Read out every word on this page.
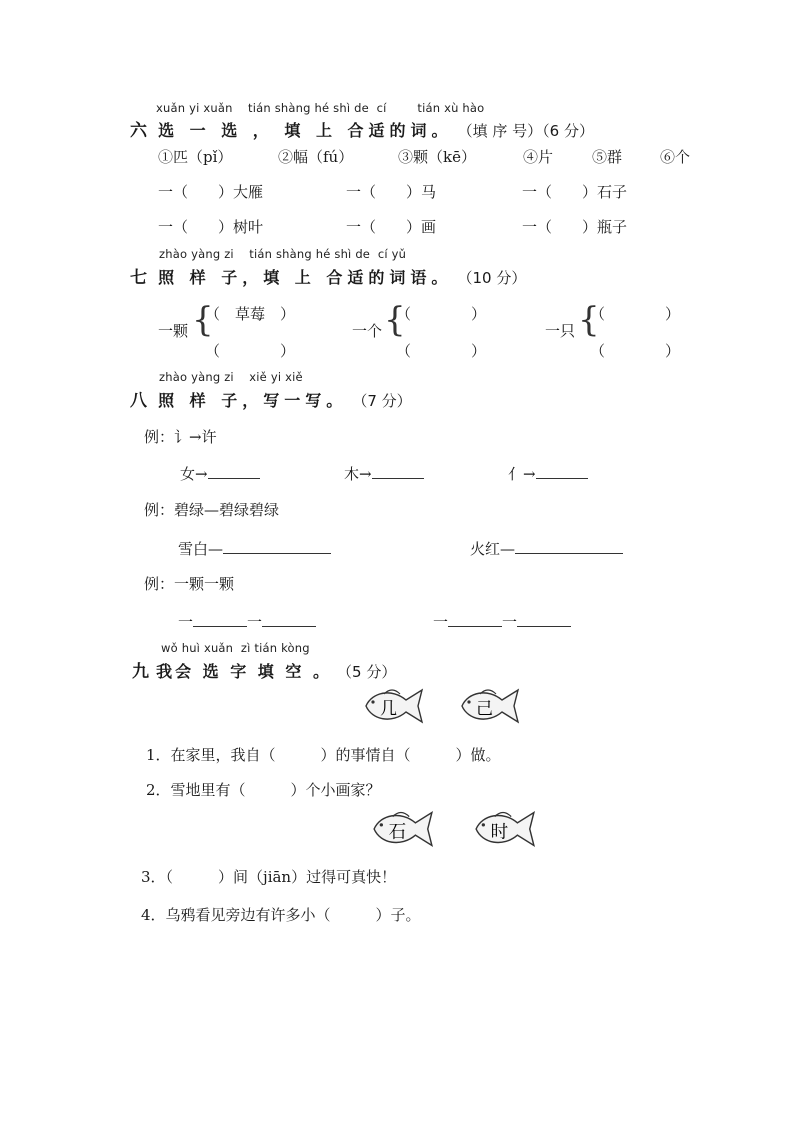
xuǎn yi xuǎn tián shàng hé shì de cí	tián xù hào
六 选 一 选 ， 填 上 合适的词。 （填 序 号）（6 分）
①匹（pǐ）	②幅（fú）	③颗（kē）	④片	⑤群	⑥个
一（　　）大雁	一（　　）马	一（　　）石子
一（　　）树叶	一（　　）画	一（　　）瓶子
zhào yàng zi tián shàng hé shì de cí yǔ
七 照 样 子，填 上 合适的词语。 （10 分）
一颗 {
（　草莓　）
（　　　　）
一个 {
（　　　　）
（　　　　）
一只 {
（　　　　）
（　　　　）
zhào yàng zi xiě yi xiě
八 照 样 子，写一写。 （7 分）
例：讠→许
女→	木→	亻→
例：碧绿—碧绿碧绿
雪白—	火红—
例：一颗一颗
一	一	一	一
wǒ huì xuǎn zì tián kòng
九 我会 选 字 填 空 。 （5 分）
几	己
1．在家里，我自（　　　）的事情自（　　　）做。
2．雪地里有（　　　）个小画家？
石	时
3．（　　　）间（jiān）过得可真快！
4．乌鸦看见旁边有许多小（　　　）子。
